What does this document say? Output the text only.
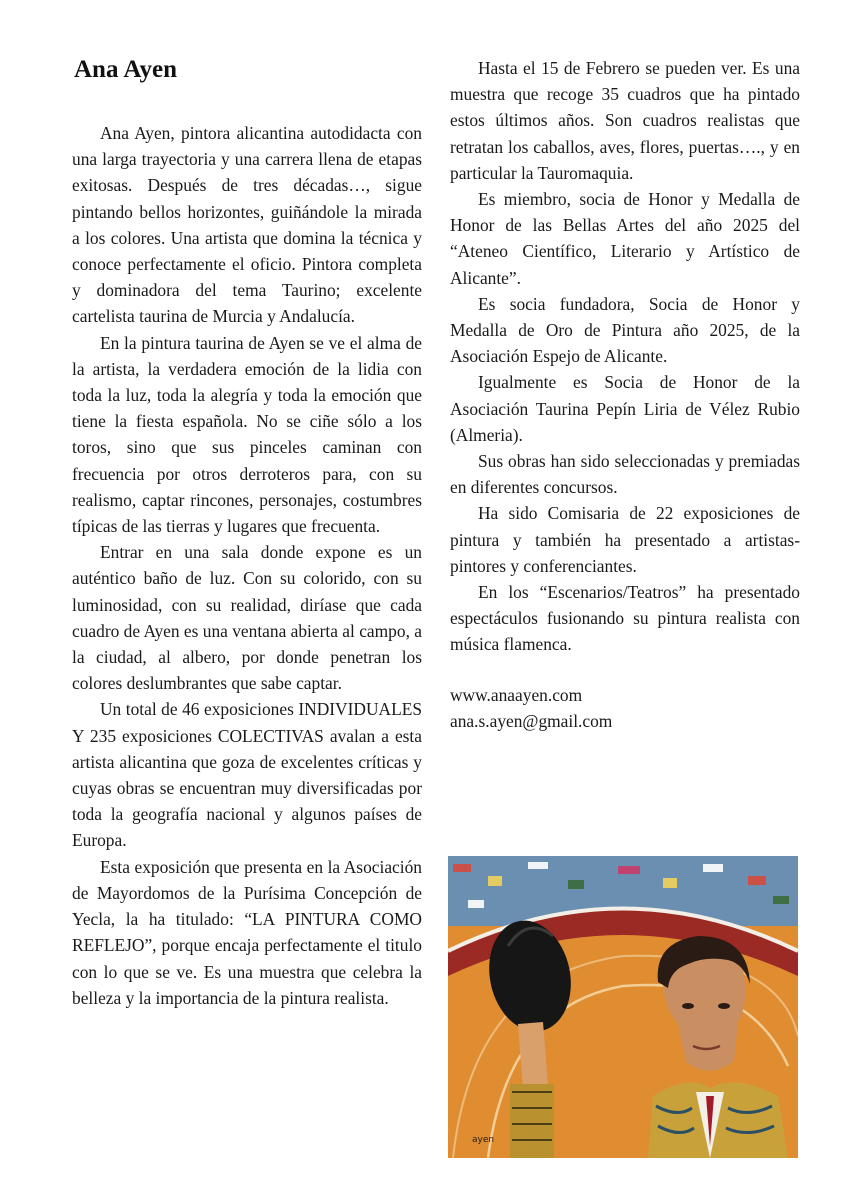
Ana Ayen

Ana Ayen, pintora alicantina autodidacta con una larga trayectoria y una carrera llena de etapas exitosas. Después de tres décadas…, sigue pintando bellos horizontes, guiñándole la mirada a los colores. Una artista que domina la técnica y conoce perfectamente el oficio. Pintora completa y dominadora del tema Taurino; excelente cartelista taurina de Murcia y Andalucía.

En la pintura taurina de Ayen se ve el alma de la artista, la verdadera emoción de la lidia con toda la luz, toda la alegría y toda la emoción que tiene la fiesta española. No se ciñe sólo a los toros, sino que sus pinceles caminan con frecuencia por otros derroteros para, con su realismo, captar rincones, personajes, costumbres típicas de las tierras y lugares que frecuenta.

Entrar en una sala donde expone es un auténtico baño de luz. Con su colorido, con su luminosidad, con su realidad, diríase que cada cuadro de Ayen es una ventana abierta al campo, a la ciudad, al albero, por donde penetran los colores deslumbrantes que sabe captar.

Un total de 46 exposiciones INDIVIDUALES Y 235 exposiciones COLECTIVAS avalan a esta artista alicantina que goza de excelentes críticas y cuyas obras se encuentran muy diversificadas por toda la geografía nacional y algunos países de Europa.

Esta exposición que presenta en la Asociación de Mayordomos de la Purísima Concepción de Yecla, la ha titulado: “LA PINTURA COMO REFLEJO”, porque encaja perfectamente el titulo con lo que se ve. Es una muestra que celebra la belleza y la importancia de la pintura realista.

Hasta el 15 de Febrero se pueden ver. Es una muestra que recoge 35 cuadros que ha pintado estos últimos años. Son cuadros realistas que retratan los caballos, aves, flores, puertas…., y en particular la Tauromaquia.

Es miembro, socia de Honor y Medalla de Honor de las Bellas Artes del año 2025 del “Ateneo Científico, Literario y Artístico de Alicante”.

Es socia fundadora, Socia de Honor y Medalla de Oro de Pintura año 2025, de la Asociación Espejo de Alicante.

Igualmente es Socia de Honor de la Asociación Taurina Pepín Liria de Vélez Rubio (Almeria).

Sus obras han sido seleccionadas y premiadas en diferentes concursos.

Ha sido Comisaria de 22 exposiciones de pintura y también ha presentado a artistas-pintores y conferenciantes.

En los “Escenarios/Teatros” ha presentado espectáculos fusionando su pintura realista con música flamenca.

www.anaayen.com
ana.s.ayen@gmail.com

ayen
